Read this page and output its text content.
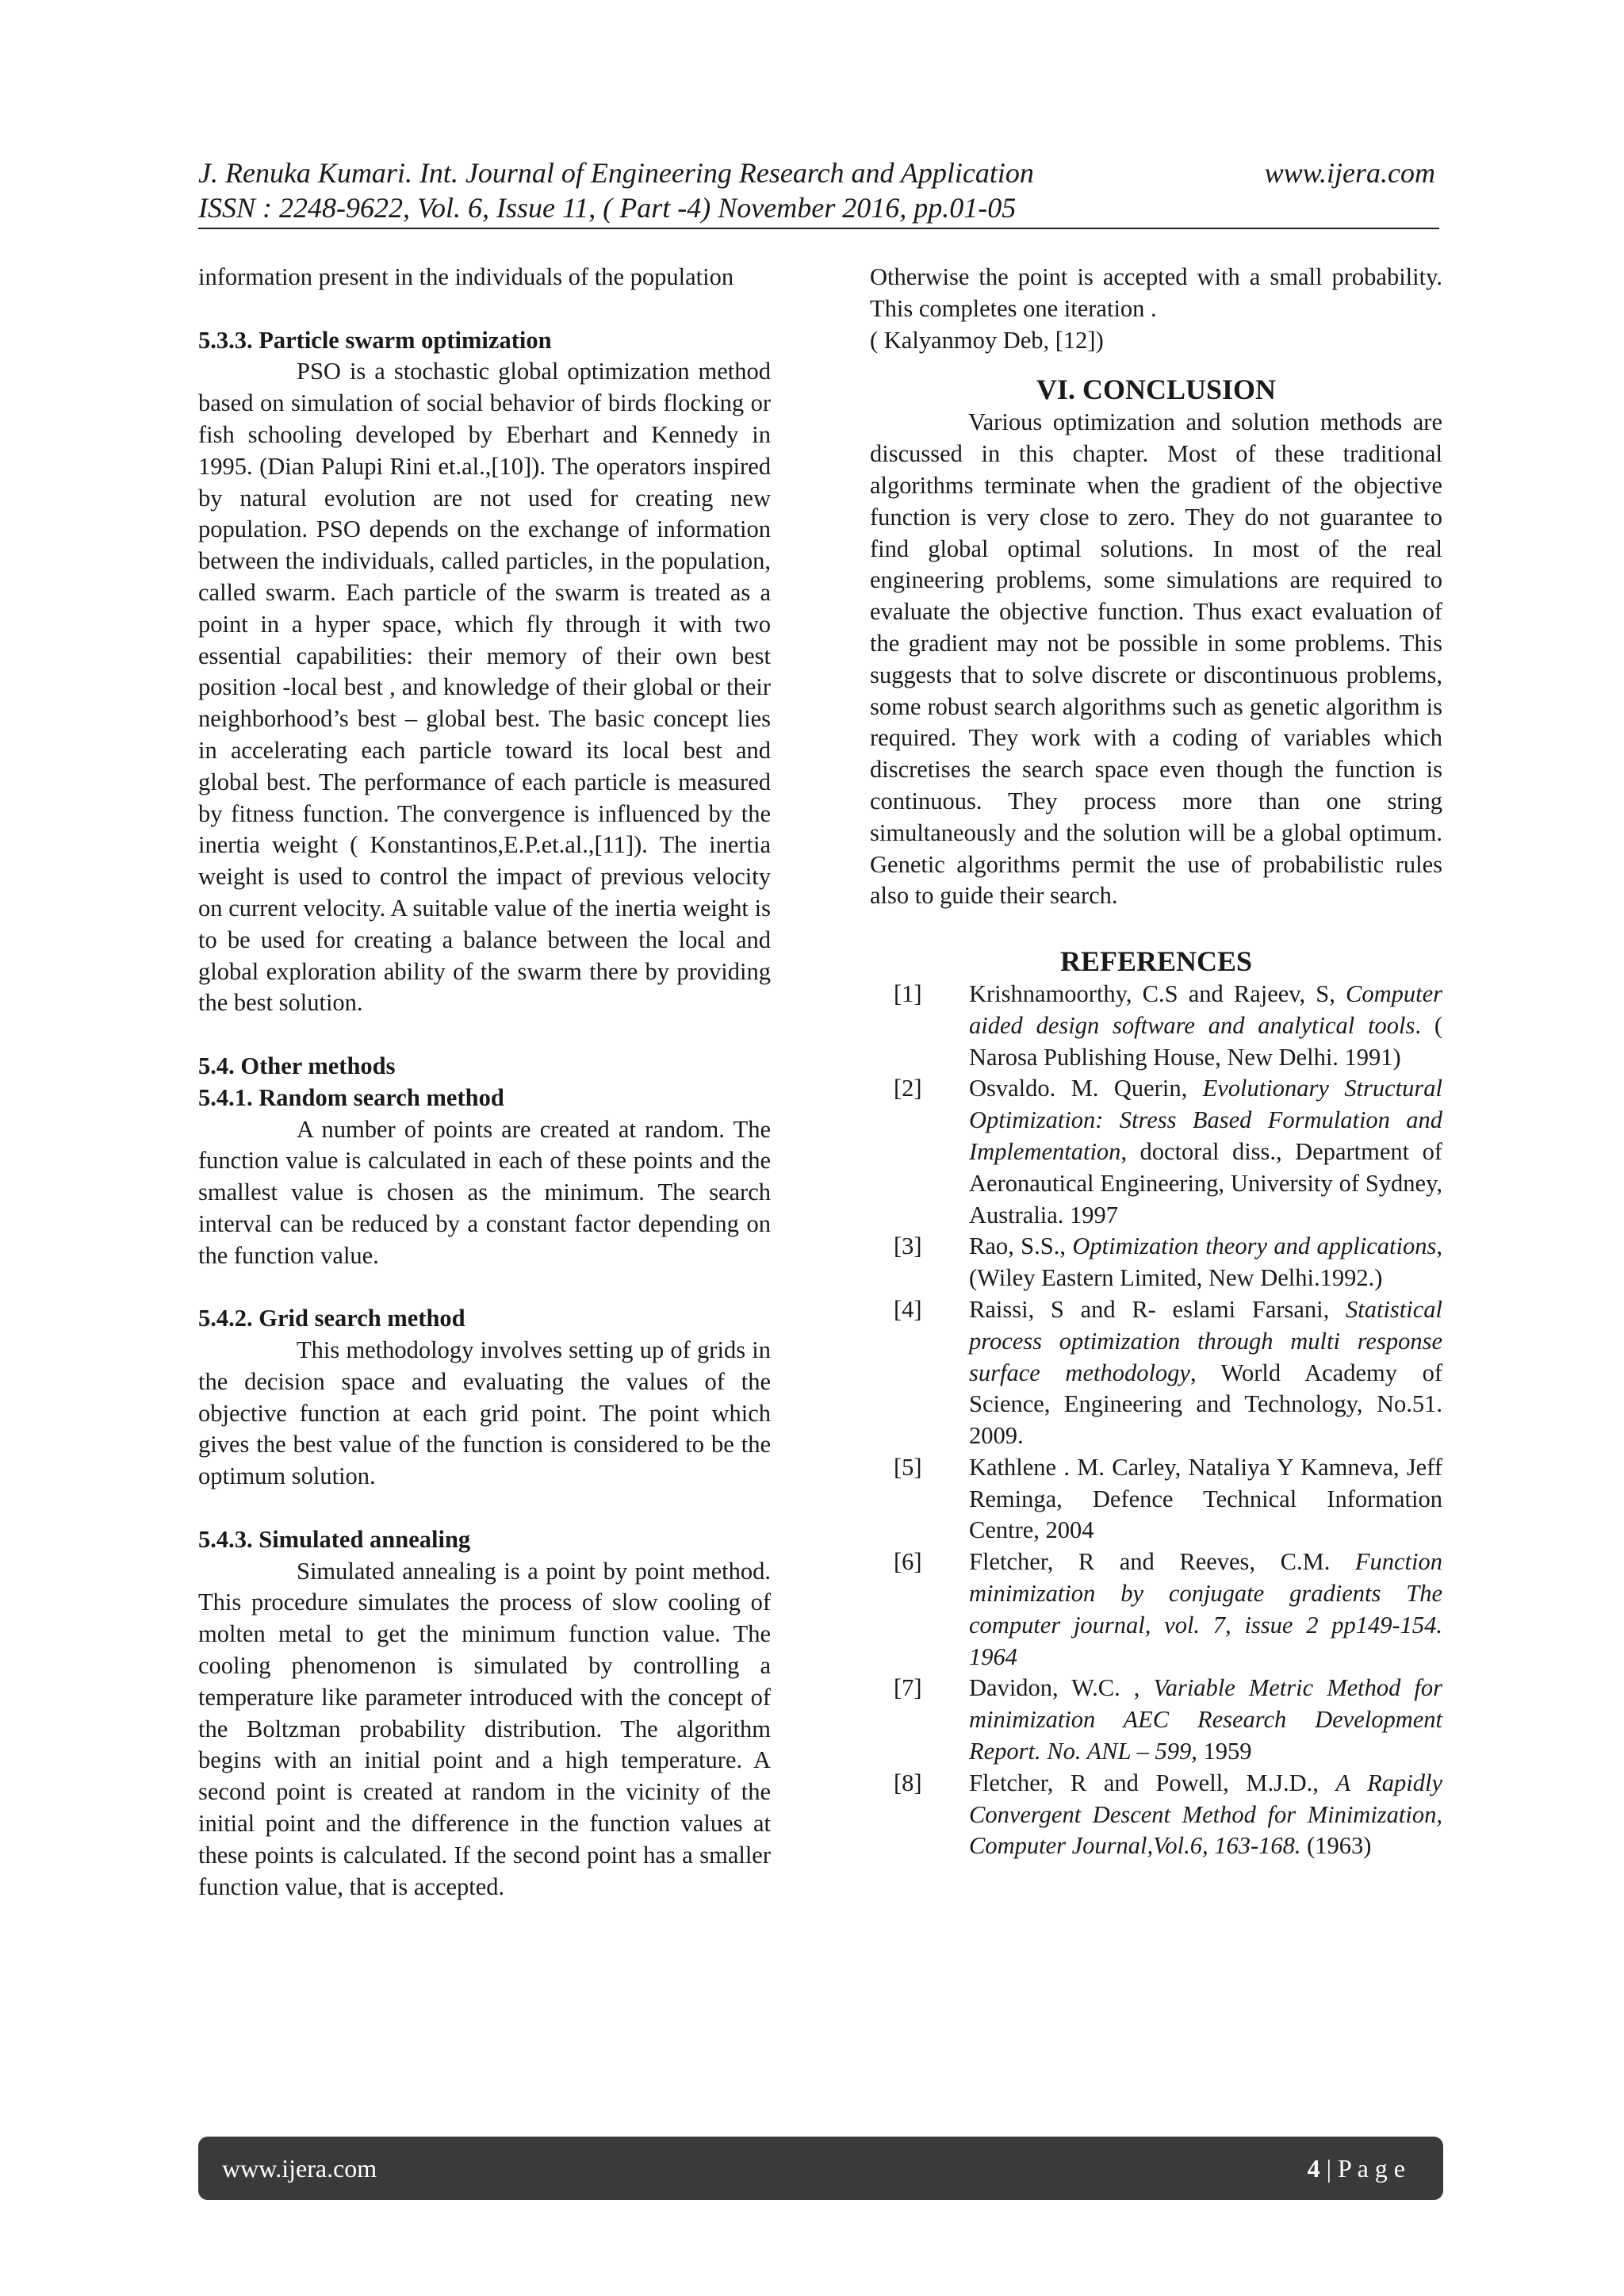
J. Renuka Kumari. Int. Journal of Engineering Research and Application	www.ijera.com
ISSN : 2248-9622, Vol. 6, Issue 11, ( Part -4) November 2016, pp.01-05

information present in the individuals of the population

5.3.3. Particle swarm optimization

PSO is a stochastic global optimization method based on simulation of social behavior of birds flocking or fish schooling developed by Eberhart and Kennedy in 1995. (Dian Palupi Rini et.al.,[10]). The operators inspired by natural evolution are not used for creating new population. PSO depends on the exchange of information between the individuals, called particles, in the population, called swarm. Each particle of the swarm is treated as a point in a hyper space, which fly through it with two essential capabilities: their memory of their own best position -local best , and knowledge of their global or their neighborhood’s best – global best. The basic concept lies in accelerating each particle toward its local best and global best. The performance of each particle is measured by fitness function. The convergence is influenced by the inertia weight ( Konstantinos,E.P.et.al.,[11]). The inertia weight is used to control the impact of previous velocity on current velocity. A suitable value of the inertia weight is to be used for creating a balance between the local and global exploration ability of the swarm there by providing the best solution.

5.4. Other methods

5.4.1. Random search method

A number of points are created at random. The function value is calculated in each of these points and the smallest value is chosen as the minimum. The search interval can be reduced by a constant factor depending on the function value.

5.4.2. Grid search method

This methodology involves setting up of grids in the decision space and evaluating the values of the objective function at each grid point. The point which gives the best value of the function is considered to be the optimum solution.

5.4.3. Simulated annealing

Simulated annealing is a point by point method. This procedure simulates the process of slow cooling of molten metal to get the minimum function value. The cooling phenomenon is simulated by controlling a temperature like parameter introduced with the concept of the Boltzman probability distribution. The algorithm begins with an initial point and a high temperature. A second point is created at random in the vicinity of the initial point and the difference in the function values at these points is calculated. If the second point has a smaller function value, that is accepted.

Otherwise the point is accepted with a small probability. This completes one iteration .

( Kalyanmoy Deb, [12])

VI. CONCLUSION

Various optimization and solution methods are discussed in this chapter. Most of these traditional algorithms terminate when the gradient of the objective function is very close to zero. They do not guarantee to find global optimal solutions. In most of the real engineering problems, some simulations are required to evaluate the objective function. Thus exact evaluation of the gradient may not be possible in some problems. This suggests that to solve discrete or discontinuous problems, some robust search algorithms such as genetic algorithm is required. They work with a coding of variables which discretises the search space even though the function is continuous. They process more than one string simultaneously and the solution will be a global optimum. Genetic algorithms permit the use of probabilistic rules also to guide their search.

REFERENCES

[1]	Krishnamoorthy, C.S and Rajeev, S, Computer aided design software and analytical tools. ( Narosa Publishing House, New Delhi. 1991)
[2]	Osvaldo. M. Querin, Evolutionary Structural Optimization: Stress Based Formulation and Implementation, doctoral diss., Department of Aeronautical Engineering, University of Sydney, Australia. 1997
[3]	Rao, S.S., Optimization theory and applications, (Wiley Eastern Limited, New Delhi.1992.)
[4]	Raissi, S and R- eslami Farsani, Statistical process optimization through multi response surface methodology, World Academy of Science, Engineering and Technology, No.51. 2009.
[5]	Kathlene . M. Carley, Nataliya Y Kamneva, Jeff Reminga, Defence Technical Information Centre, 2004
[6]	Fletcher, R and Reeves, C.M. Function minimization by conjugate gradients The computer journal, vol. 7, issue 2 pp149-154. 1964
[7]	Davidon, W.C. , Variable Metric Method for minimization AEC Research Development Report. No. ANL – 599, 1959
[8]	Fletcher, R and Powell, M.J.D., A Rapidly Convergent Descent Method for Minimization, Computer Journal,Vol.6, 163-168. (1963)
www.ijera.com	4 | P a g e
